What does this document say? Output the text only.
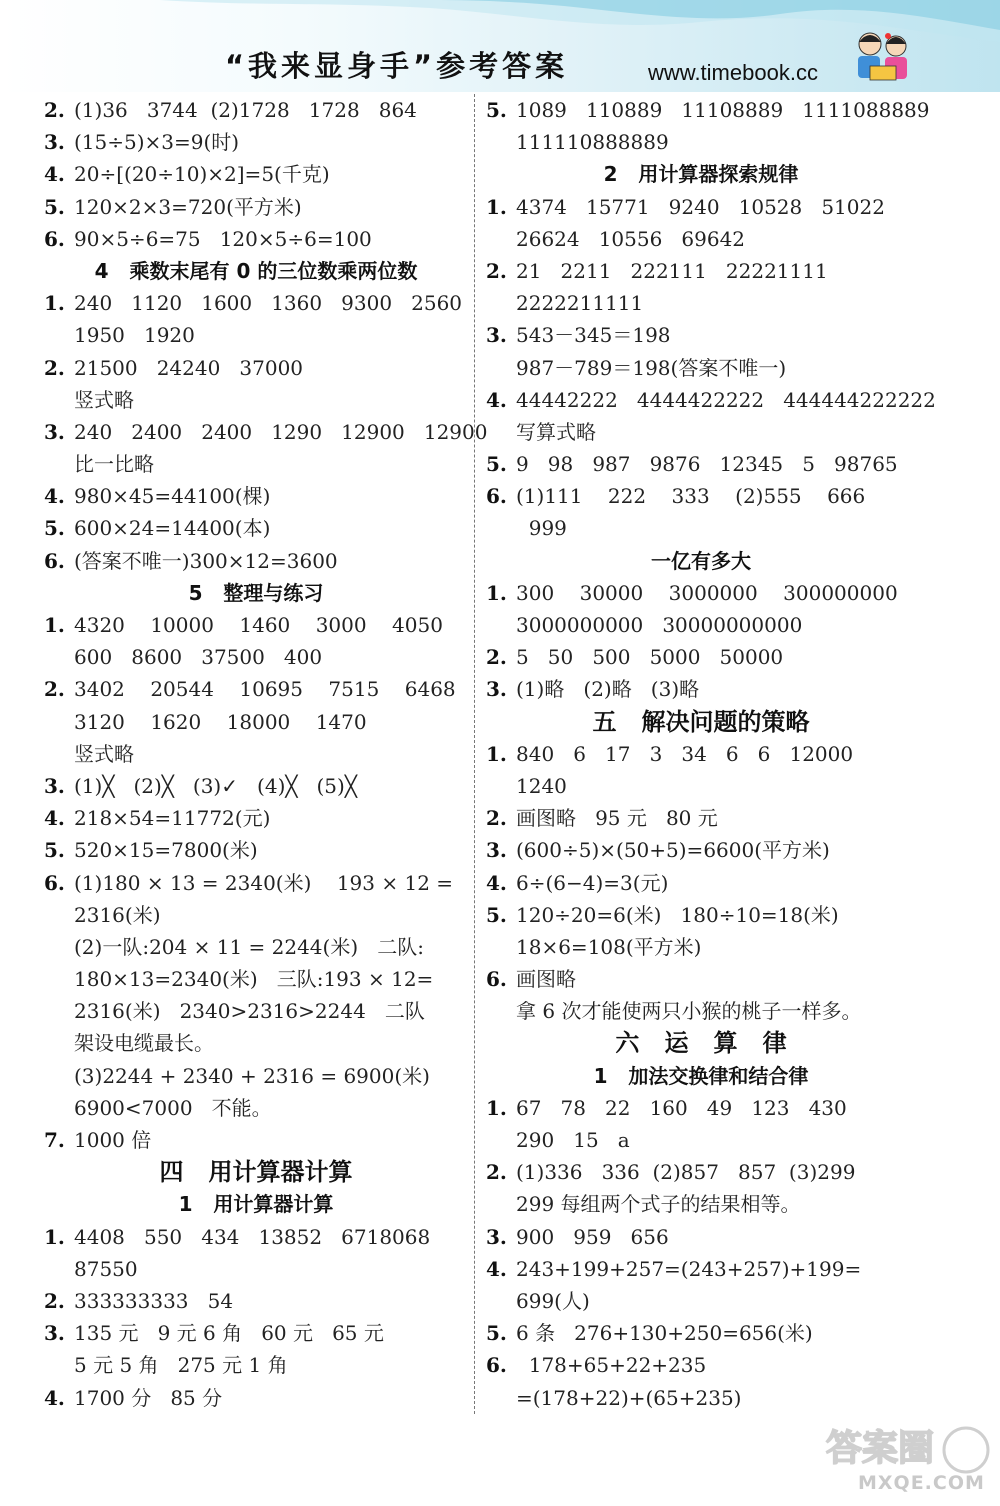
“我来显身手”参考答案	www.timebook.cc
2. (1)36   3744  (2)1728   1728   864
3. (15÷5)×3=9(时)
4. 20÷[(20÷10)×2]=5(千克)
5. 120×2×3=720(平方米)
6. 90×5÷6=75   120×5÷6=100
4   乘数末尾有 0 的三位数乘两位数
1. 240   1120   1600   1360   9300   2560
1950   1920
2. 21500   24240   37000
竖式略
3. 240   2400   2400   1290   12900   12900
比一比略
4. 980×45=44100(棵)
5. 600×24=14400(本)
6. (答案不唯一)300×12=3600
5   整理与练习
1. 4320    10000    1460    3000    4050
600   8600   37500   400
2. 3402    20544    10695    7515    6468
3120    1620    18000    1470
竖式略
3. (1)╳   (2)╳   (3)✓   (4)╳   (5)╳
4. 218×54=11772(元)
5. 520×15=7800(米)
6. (1)180 × 13 = 2340(米)    193 × 12 =
2316(米)
(2)一队:204 × 11 = 2244(米)   二队:
180×13=2340(米)   三队:193 × 12=
2316(米)   2340>2316>2244   二队
架设电缆最长。
(3)2244 + 2340 + 2316 = 6900(米)
6900<7000   不能。
7. 1000 倍
四   用计算器计算
1   用计算器计算
1. 4408   550   434   13852   6718068
87550
2. 333333333   54
3. 135 元   9 元 6 角   60 元   65 元
5 元 5 角   275 元 1 角
4. 1700 分   85 分
5. 1089   110889   11108889   1111088889
111110888889
2   用计算器探索规律
1. 4374   15771   9240   10528   51022
26624   10556   69642
2. 21   2211   222111   22221111
2222211111
3. 543－345＝198
987－789＝198(答案不唯一)
4. 44442222   4444422222   444444222222
写算式略
5. 9   98   987   9876   12345   5   98765
6. (1)111    222    333    (2)555    666
999
一亿有多大
1. 300    30000    3000000    300000000
3000000000   30000000000
2. 5   50   500   5000   50000
3. (1)略   (2)略   (3)略
五   解决问题的策略
1. 840   6   17   3   34   6   6   12000
1240
2. 画图略   95 元   80 元
3. (600÷5)×(50+5)=6600(平方米)
4. 6÷(6−4)=3(元)
5. 120÷20=6(米)   180÷10=18(米)
18×6=108(平方米)
6. 画图略
拿 6 次才能使两只小猴的桃子一样多。
六   运   算   律
1   加法交换律和结合律
1. 67   78   22   160   49   123   430
290   15   a
2. (1)336   336  (2)857   857  (3)299
299 每组两个式子的结果相等。
3. 900   959   656
4. 243+199+257=(243+257)+199=
699(人)
5. 6 条   276+130+250=656(米)
6.  178+65+22+235
=(178+22)+(65+235)
答案圈
MXQE.COM
